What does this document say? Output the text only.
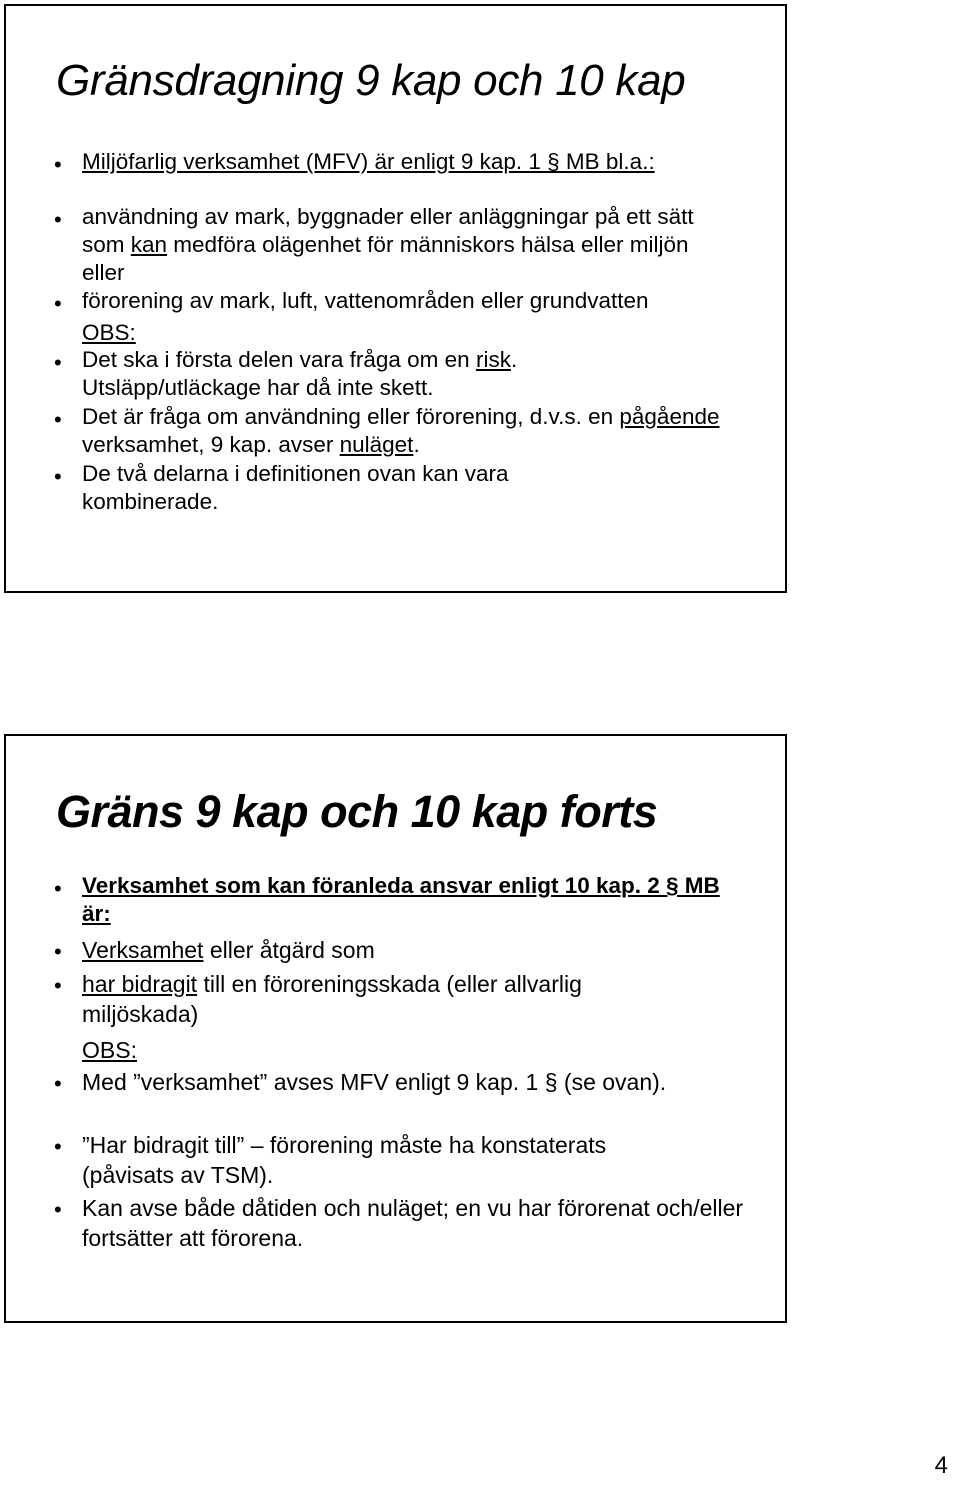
Gränsdragning 9 kap och 10 kap
• Miljöfarlig verksamhet (MFV) är enligt 9 kap. 1 § MB bl.a.:

• användning av mark, byggnader eller anläggningar på ett sätt som kan medföra olägenhet för människors hälsa eller miljön eller

• förorening av mark, luft, vattenområden eller grundvatten

OBS:

• Det ska i första delen vara fråga om en risk. Utsläpp/utläckage har då inte skett.

• Det är fråga om användning eller förorening, d.v.s. en pågående verksamhet, 9 kap. avser nuläget.

• De två delarna i definitionen ovan kan vara kombinerade.

Gräns 9 kap och 10 kap forts
• Verksamhet som kan föranleda ansvar enligt 10 kap. 2 § MB är:

• Verksamhet eller åtgärd som

• har bidragit till en föroreningsskada (eller allvarlig miljöskada)

OBS:

• Med ”verksamhet” avses MFV enligt 9 kap. 1 § (se ovan).

• ”Har bidragit till” – förorening måste ha konstaterats (påvisats av TSM).

• Kan avse både dåtiden och nuläget; en vu har förorenat och/eller fortsätter att förorena.

4
